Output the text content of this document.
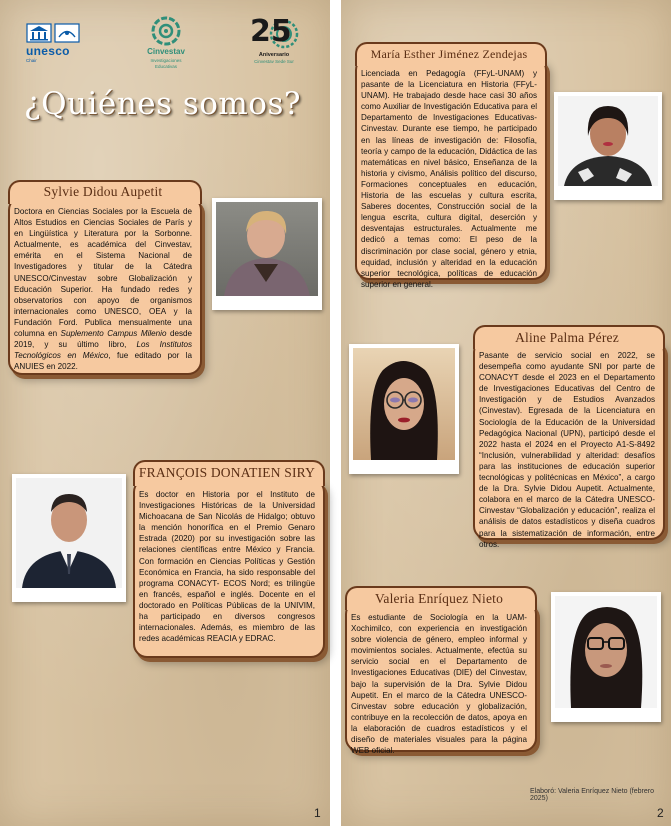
unesco
Chair
Cinvestav
Investigaciones Educativas
25
Aniversario
Cinvestav Sede Sur
¿Quiénes somos?
Sylvie Didou Aupetit

Doctora en Ciencias Sociales por la Escuela de Altos Estudios en Ciencias Sociales de París y en Lingüística y Literatura por la Sorbonne. Actualmente, es académica del Cinvestav, emérita en el Sistema Nacional de Investigadores y titular de la Cátedra UNESCO/Cinvestav sobre Globalización y Educación Superior. Ha fundado redes y observatorios con apoyo de organismos internacionales como UNESCO, OEA y la Fundación Ford. Publica mensualmente una columna en Suplemento Campus Milenio desde 2019, y su último libro, Los Institutos Tecnológicos en México, fue editado por la ANUIES en 2022.

FRANÇOIS DONATIEN SIRY

Es doctor en Historia por el Instituto de Investigaciones Históricas de la Universidad Michoacana de San Nicolás de Hidalgo; obtuvo la mención honorífica en el Premio Genaro Estrada (2020) por su investigación sobre las relaciones científicas entre México y Francia. Con formación en Ciencias Políticas y Gestión Económica en Francia, ha sido responsable del programa CONACYT- ECOS Nord; es trilingüe en francés, español e inglés. Docente en el doctorado en Políticas Públicas de la UNIVIM, ha participado en diversos congresos internacionales. Además, es miembro de las redes académicas REACIA y EDRAC.

1
María Esther Jiménez Zendejas

Licenciada en Pedagogía (FFyL-UNAM) y pasante de la Licenciatura en Historia (FFyL-UNAM). He trabajado desde hace casi 30 años como Auxiliar de Investigación Educativa para el Departamento de Investigaciones Educativas-Cinvestav. Durante ese tiempo, he participado en las líneas de investigación de: Filosofía, teoría y campo de la educación, Didáctica de las matemáticas en nivel básico, Enseñanza de la historia y civismo, Análisis político del discurso, Formaciones conceptuales en educación, Historia de las escuelas y cultura escrita, Saberes docentes, Construcción social de la lengua escrita, cultura digital, deserción y desventajas estructurales. Actualmente me dedicó a temas como: El peso de la discriminación por clase social, género y etnia, equidad, inclusión y alteridad en la educación superior tecnológica, políticas de educación superior en general.

Aline Palma Pérez

Pasante de servicio social en 2022, se desempeña como ayudante SNI por parte de CONACYT desde el 2023 en el Departamento de Investigaciones Educativas del Centro de Investigación y de Estudios Avanzados (Cinvestav). Egresada de la Licenciatura en Sociología de la Educación de la Universidad Pedagógica Nacional (UPN), participó desde el 2022 hasta el 2024 en el Proyecto A1-S-8492 “Inclusión, vulnerabilidad y alteridad: desafíos para las instituciones de educación superior tecnológicas y politécnicas en México”, a cargo de la Dra. Sylvie Didou Aupetit. Actualmente, colabora en el marco de la Cátedra UNESCO-Cinvestav “Globalización y educación”, realiza el análisis de datos estadísticos y diseña cuadros para la sistematización de información, entre otros.

Valeria Enríquez Nieto

Es estudiante de Sociología en la UAM-Xochimilco, con experiencia en investigación sobre violencia de género, empleo informal y movimientos sociales. Actualmente, efectúa su servicio social en el Departamento de Investigaciones Educativas (DIE) del Cinvestav, bajo la supervisión de la Dra. Sylvie Didou Aupetit. En el marco de la Cátedra UNESCO-Cinvestav sobre educación y globalización, contribuye en la recolección de datos, apoya en la elaboración de cuadros estadísticos y el diseño de materiales visuales para la página WEB oficial.

Elaboró: Valeria Enríquez Nieto (febrero 2025)
2
